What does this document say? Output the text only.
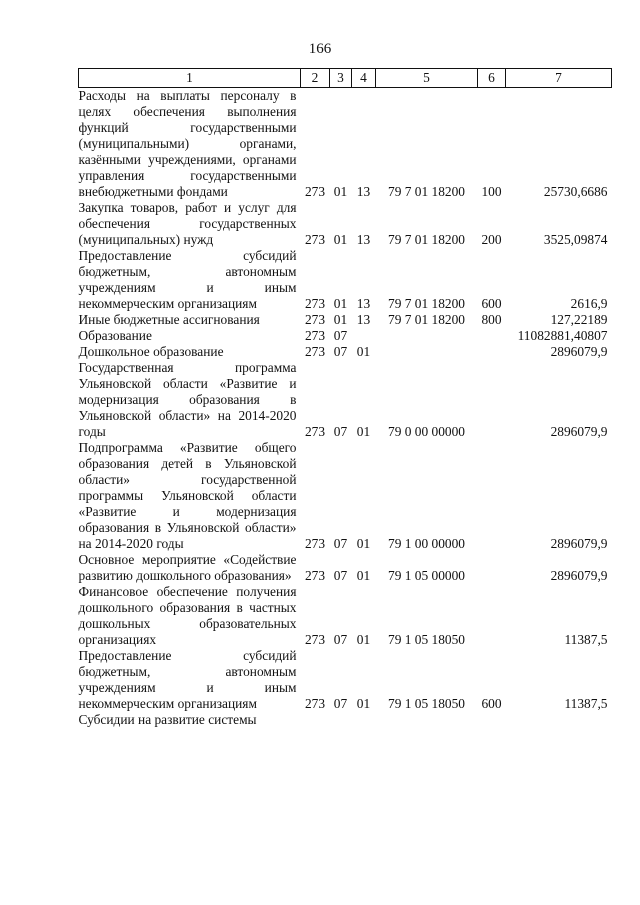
166
1	2	3	4	5	6	7
Расходы на выплаты персоналу в целях обеспечения выполнения функций государственными (муниципальными) органами, казёнными учреждениями, органами управления государственными внебюджетными фондами	273	01	13	79 7 01 18200	100	25730,6686
Закупка товаров, работ и услуг для обеспечения государственных (муниципальных) нужд	273	01	13	79 7 01 18200	200	3525,09874
Предоставление субсидий бюджетным, автономным учреждениям и иным некоммерческим организациям	273	01	13	79 7 01 18200	600	2616,9
Иные бюджетные ассигнования	273	01	13	79 7 01 18200	800	127,22189
Образование	273	07				11082881,40807
Дошкольное образование	273	07	01			2896079,9
Государственная программа Ульяновской области «Развитие и модернизация образования в Ульяновской области» на 2014-2020 годы	273	07	01	79 0 00 00000		2896079,9
Подпрограмма «Развитие общего образования детей в Ульяновской области» государственной программы Ульяновской области «Развитие и модернизация образования в Ульяновской области» на 2014-2020 годы	273	07	01	79 1 00 00000		2896079,9
Основное мероприятие «Содействие развитию дошкольного образования»	273	07	01	79 1 05 00000		2896079,9
Финансовое обеспечение получения дошкольного образования в частных дошкольных образовательных организациях	273	07	01	79 1 05 18050		11387,5
Предоставление субсидий бюджетным, автономным учреждениям и иным некоммерческим организациям	273	07	01	79 1 05 18050	600	11387,5
Субсидии на развитие системы						
